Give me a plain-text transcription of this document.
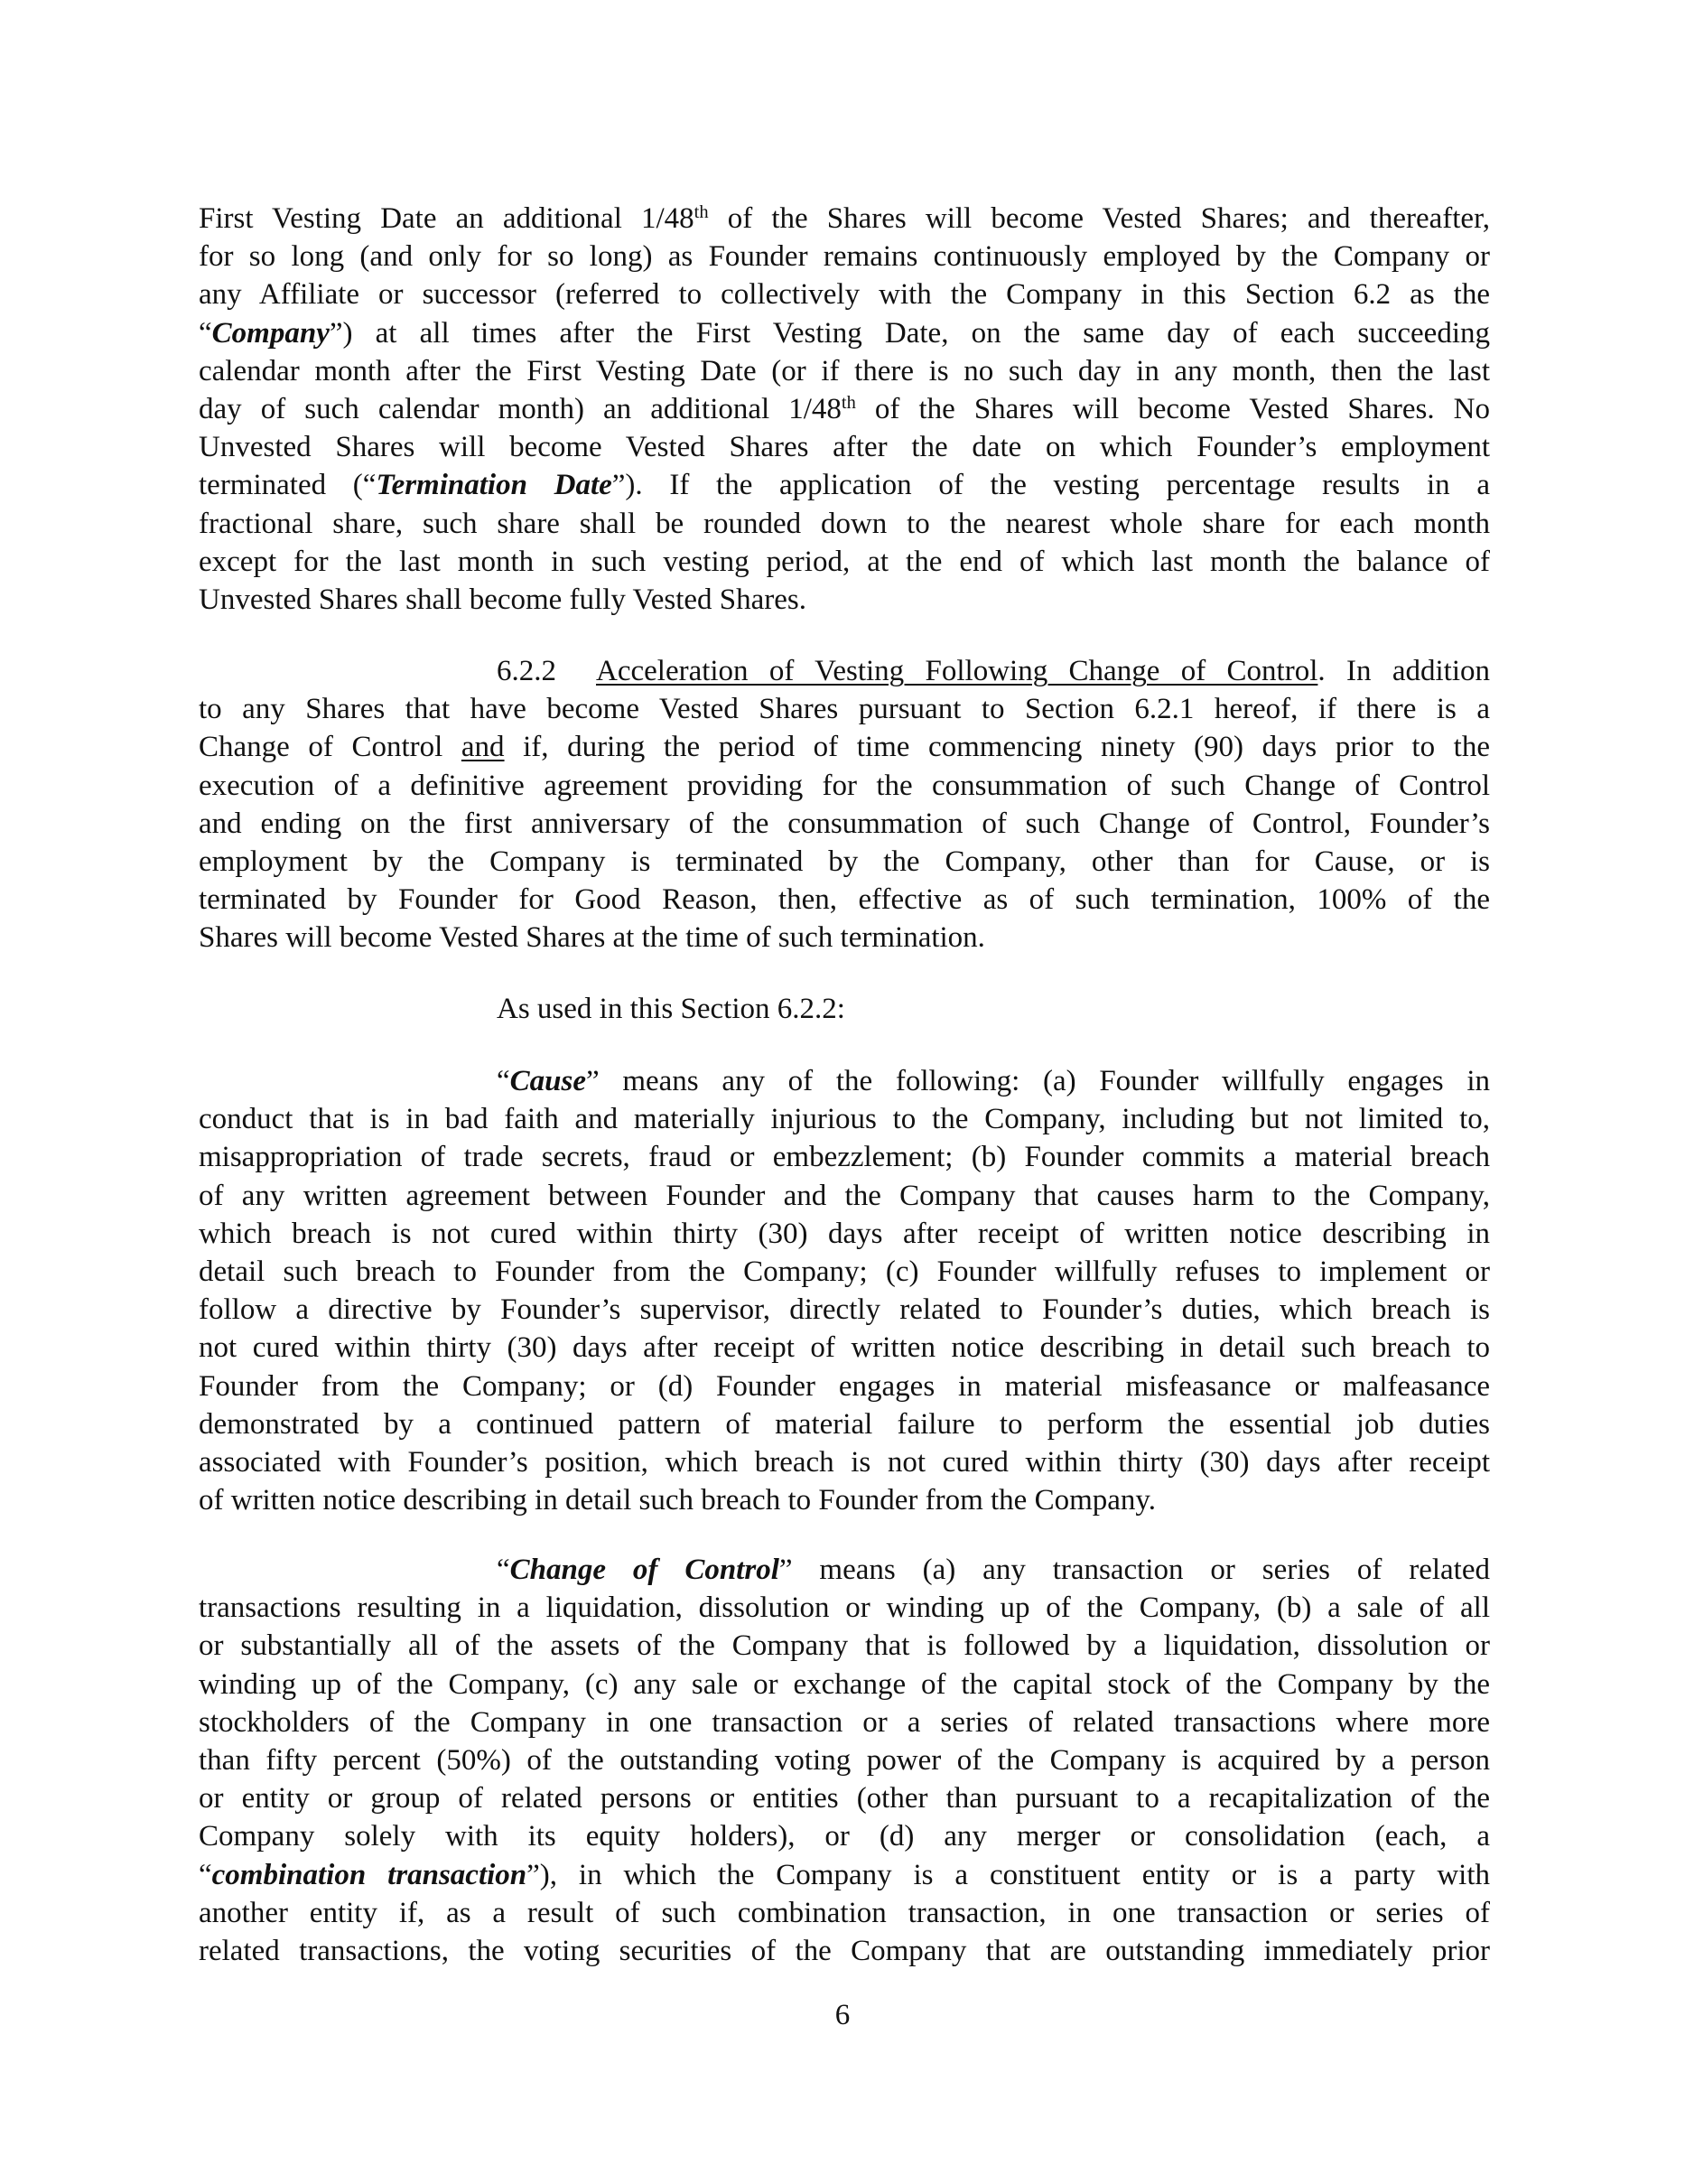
First Vesting Date an additional 1/48th of the Shares will become Vested Shares; and thereafter,
for so long (and only for so long) as Founder remains continuously employed by the Company or
any Affiliate or successor (referred to collectively with the Company in this Section 6.2 as the
“Company”) at all times after the First Vesting Date, on the same day of each succeeding
calendar month after the First Vesting Date (or if there is no such day in any month, then the last
day of such calendar month) an additional 1/48th of the Shares will become Vested Shares. No
Unvested Shares will become Vested Shares after the date on which Founder’s employment
terminated (“Termination Date”). If the application of the vesting percentage results in a
fractional share, such share shall be rounded down to the nearest whole share for each month
except for the last month in such vesting period, at the end of which last month the balance of
Unvested Shares shall become fully Vested Shares.
6.2.2 Acceleration of Vesting Following Change of Control. In addition
to any Shares that have become Vested Shares pursuant to Section 6.2.1 hereof, if there is a
Change of Control and if, during the period of time commencing ninety (90) days prior to the
execution of a definitive agreement providing for the consummation of such Change of Control
and ending on the first anniversary of the consummation of such Change of Control, Founder’s
employment by the Company is terminated by the Company, other than for Cause, or is
terminated by Founder for Good Reason, then, effective as of such termination, 100% of the
Shares will become Vested Shares at the time of such termination.
As used in this Section 6.2.2:
“Cause” means any of the following: (a) Founder willfully engages in
conduct that is in bad faith and materially injurious to the Company, including but not limited to,
misappropriation of trade secrets, fraud or embezzlement; (b) Founder commits a material breach
of any written agreement between Founder and the Company that causes harm to the Company,
which breach is not cured within thirty (30) days after receipt of written notice describing in
detail such breach to Founder from the Company; (c) Founder willfully refuses to implement or
follow a directive by Founder’s supervisor, directly related to Founder’s duties, which breach is
not cured within thirty (30) days after receipt of written notice describing in detail such breach to
Founder from the Company; or (d) Founder engages in material misfeasance or malfeasance
demonstrated by a continued pattern of material failure to perform the essential job duties
associated with Founder’s position, which breach is not cured within thirty (30) days after receipt
of written notice describing in detail such breach to Founder from the Company.
“Change of Control” means (a) any transaction or series of related
transactions resulting in a liquidation, dissolution or winding up of the Company, (b) a sale of all
or substantially all of the assets of the Company that is followed by a liquidation, dissolution or
winding up of the Company, (c) any sale or exchange of the capital stock of the Company by the
stockholders of the Company in one transaction or a series of related transactions where more
than fifty percent (50%) of the outstanding voting power of the Company is acquired by a person
or entity or group of related persons or entities (other than pursuant to a recapitalization of the
Company solely with its equity holders), or (d) any merger or consolidation (each, a
“combination transaction”), in which the Company is a constituent entity or is a party with
another entity if, as a result of such combination transaction, in one transaction or series of
related transactions, the voting securities of the Company that are outstanding immediately prior
6
